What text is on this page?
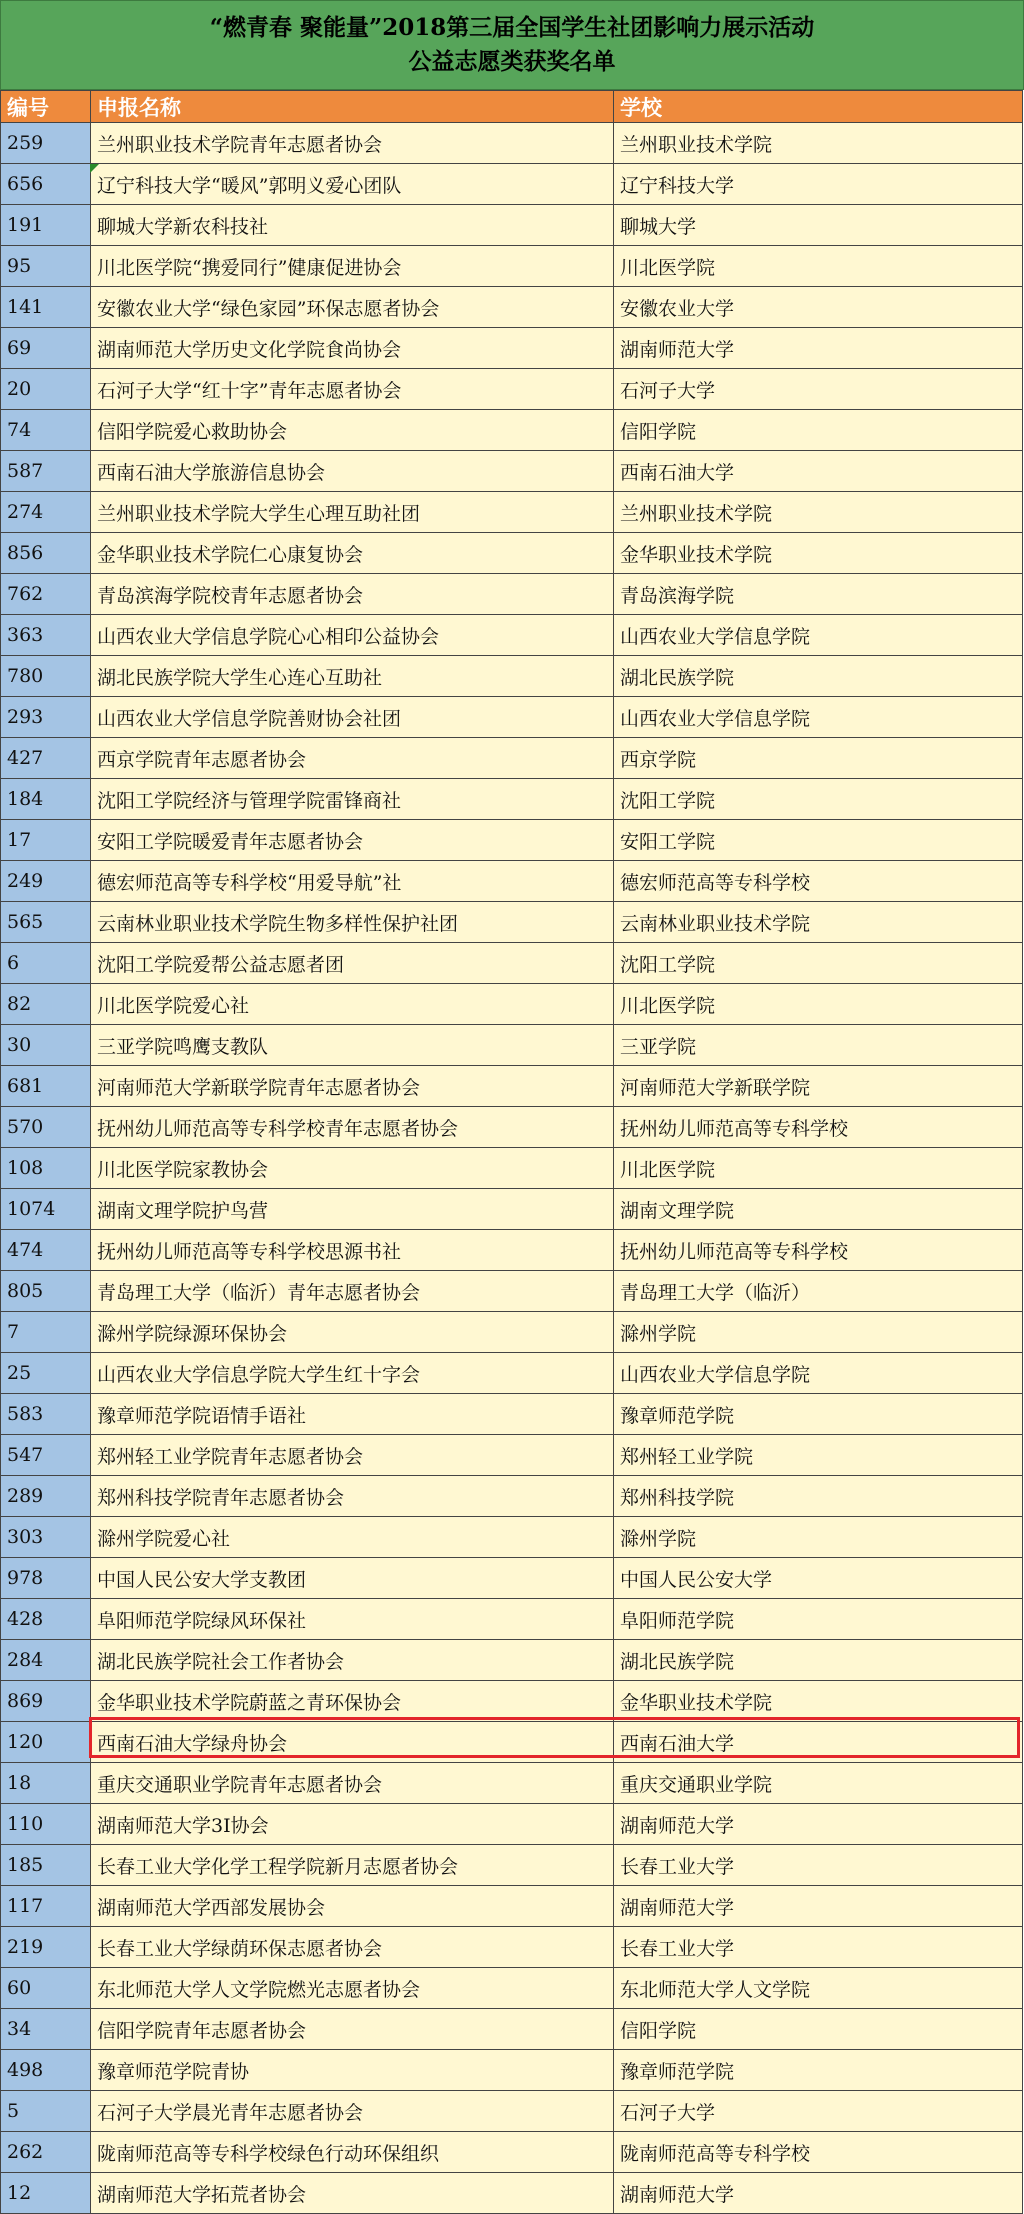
“燃青春 聚能量”2018第三届全国学生社团影响力展示活动
公益志愿类获奖名单
编号	申报名称	学校
259	兰州职业技术学院青年志愿者协会	兰州职业技术学院
656	辽宁科技大学“暖风”郭明义爱心团队	辽宁科技大学
191	聊城大学新农科技社	聊城大学
95	川北医学院“携爱同行”健康促进协会	川北医学院
141	安徽农业大学“绿色家园”环保志愿者协会	安徽农业大学
69	湖南师范大学历史文化学院食尚协会	湖南师范大学
20	石河子大学“红十字”青年志愿者协会	石河子大学
74	信阳学院爱心救助协会	信阳学院
587	西南石油大学旅游信息协会	西南石油大学
274	兰州职业技术学院大学生心理互助社团	兰州职业技术学院
856	金华职业技术学院仁心康复协会	金华职业技术学院
762	青岛滨海学院校青年志愿者协会	青岛滨海学院
363	山西农业大学信息学院心心相印公益协会	山西农业大学信息学院
780	湖北民族学院大学生心连心互助社	湖北民族学院
293	山西农业大学信息学院善财协会社团	山西农业大学信息学院
427	西京学院青年志愿者协会	西京学院
184	沈阳工学院经济与管理学院雷锋商社	沈阳工学院
17	安阳工学院暖爱青年志愿者协会	安阳工学院
249	德宏师范高等专科学校“用爱导航”社	德宏师范高等专科学校
565	云南林业职业技术学院生物多样性保护社团	云南林业职业技术学院
6	沈阳工学院爱帮公益志愿者团	沈阳工学院
82	川北医学院爱心社	川北医学院
30	三亚学院鸣鹰支教队	三亚学院
681	河南师范大学新联学院青年志愿者协会	河南师范大学新联学院
570	抚州幼儿师范高等专科学校青年志愿者协会	抚州幼儿师范高等专科学校
108	川北医学院家教协会	川北医学院
1074	湖南文理学院护鸟营	湖南文理学院
474	抚州幼儿师范高等专科学校思源书社	抚州幼儿师范高等专科学校
805	青岛理工大学（临沂）青年志愿者协会	青岛理工大学（临沂）
7	滁州学院绿源环保协会	滁州学院
25	山西农业大学信息学院大学生红十字会	山西农业大学信息学院
583	豫章师范学院语情手语社	豫章师范学院
547	郑州轻工业学院青年志愿者协会	郑州轻工业学院
289	郑州科技学院青年志愿者协会	郑州科技学院
303	滁州学院爱心社	滁州学院
978	中国人民公安大学支教团	中国人民公安大学
428	阜阳师范学院绿风环保社	阜阳师范学院
284	湖北民族学院社会工作者协会	湖北民族学院
869	金华职业技术学院蔚蓝之青环保协会	金华职业技术学院
120	西南石油大学绿舟协会	西南石油大学
18	重庆交通职业学院青年志愿者协会	重庆交通职业学院
110	湖南师范大学3I协会	湖南师范大学
185	长春工业大学化学工程学院新月志愿者协会	长春工业大学
117	湖南师范大学西部发展协会	湖南师范大学
219	长春工业大学绿荫环保志愿者协会	长春工业大学
60	东北师范大学人文学院燃光志愿者协会	东北师范大学人文学院
34	信阳学院青年志愿者协会	信阳学院
498	豫章师范学院青协	豫章师范学院
5	石河子大学晨光青年志愿者协会	石河子大学
262	陇南师范高等专科学校绿色行动环保组织	陇南师范高等专科学校
12	湖南师范大学拓荒者协会	湖南师范大学
